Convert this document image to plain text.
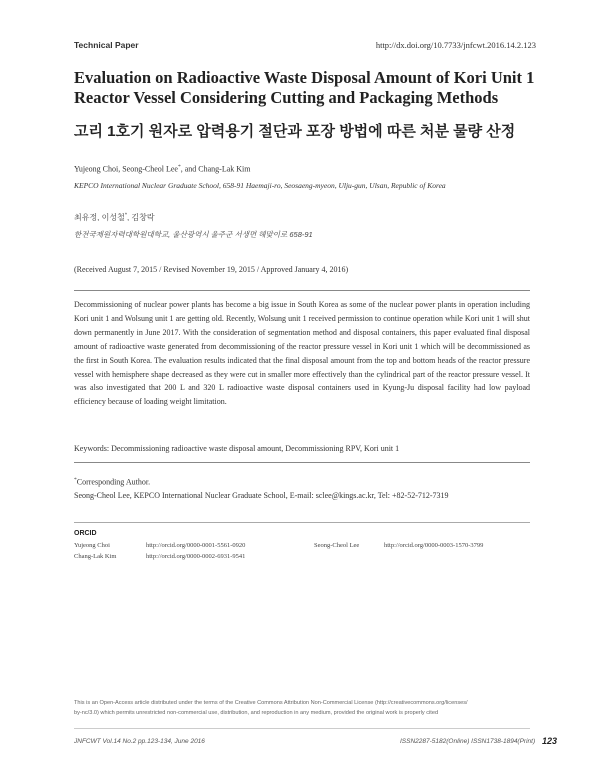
Technical Paper	http://dx.doi.org/10.7733/jnfcwt.2016.14.2.123
Evaluation on Radioactive Waste Disposal Amount of Kori Unit 1
Reactor Vessel Considering Cutting and Packaging Methods
고리 1호기 원자로 압력용기 절단과 포장 방법에 따른 처분 물량 산정
Yujeong Choi, Seong-Cheol Lee*, and Chang-Lak Kim
KEPCO International Nuclear Graduate School, 658-91 Haemaji-ro, Seosaeng-myeon, Ulju-gun, Ulsan, Republic of Korea
최유정, 이성철*, 김창락
한전국제원자력대학원대학교, 울산광역시 울주군 서생면 해맞이로 658-91
(Received August 7, 2015 / Revised November 19, 2015 / Approved January 4, 2016)
Decommissioning of nuclear power plants has become a big issue in South Korea as some of the nuclear power plants in operation including Kori unit 1 and Wolsung unit 1 are getting old. Recently, Wolsung unit 1 received permission to continue operation while Kori unit 1 will shut down permanently in June 2017. With the consideration of segmentation method and disposal containers, this paper evaluated final disposal amount of radioactive waste generated from decommissioning of the reactor pressure vessel in Kori unit 1 which will be decommissioned as the first in South Korea. The evaluation results indicated that the final disposal amount from the top and bottom heads of the reactor pressure vessel with hemisphere shape decreased as they were cut in smaller more effectively than the cylindrical part of the reactor pressure vessel. It was also investigated that 200 L and 320 L radioactive waste disposal containers used in Kyung-Ju disposal facility had low payload efficiency because of loading weight limitation.
Keywords: Decommissioning radioactive waste disposal amount, Decommissioning RPV, Kori unit 1
*Corresponding Author.
Seong-Cheol Lee, KEPCO International Nuclear Graduate School, E-mail: sclee@kings.ac.kr, Tel: +82-52-712-7319
ORCID
Yujeong Choi	http://orcid.org/0000-0001-5561-0920	Seong-Cheol Lee	http://orcid.org/0000-0003-1570-3799
Chang-Lak Kim	http://orcid.org/0000-0002-6931-9541
This is an Open-Access article distributed under the terms of the Creative Commons Attribution Non-Commercial License (http://creativecommons.org/licenses/
by-nc/3.0) which permits unrestricted non-commercial use, distribution, and reproduction in any medium, provided the original work is properly cited
JNFCWT Vol.14 No.2 pp.123-134, June 2016	ISSN2287-5182(Online) ISSN1738-1894(Print) 123
